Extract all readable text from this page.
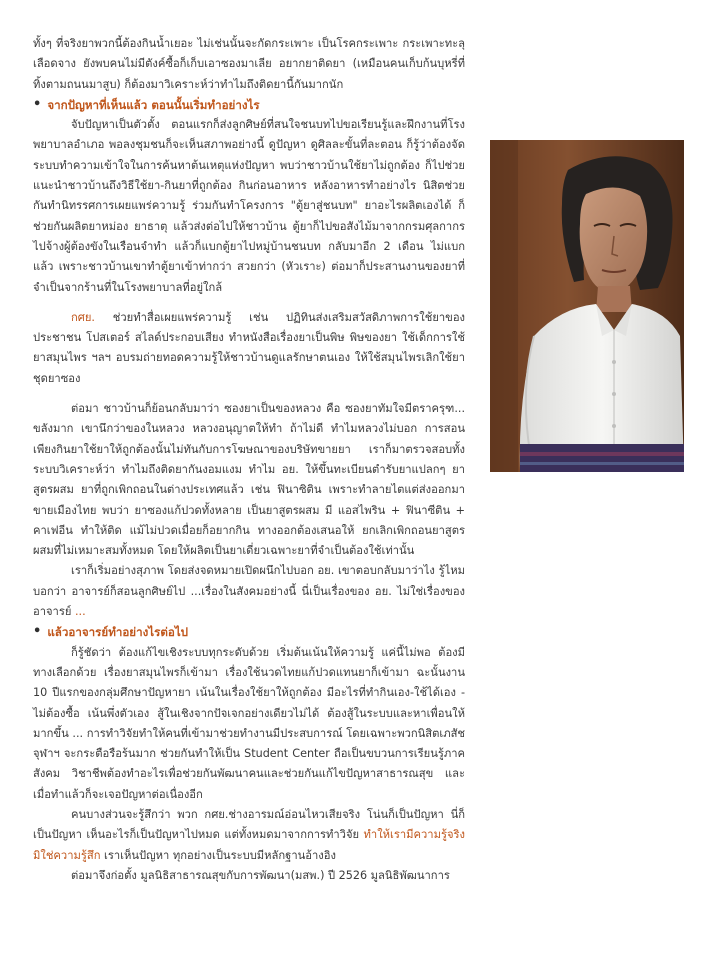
ทั้งๆ ที่จริงยาพวกนี้ต้องกินน้ำเยอะ ไม่เช่นนั้นจะกัดกระเพาะ เป็นโรคกระเพาะ กระเพาะทะลุ เลือดจาง ยังพบคนไม่มีตังค์ซื้อก็เก็บเอาซองมาเลีย อยากยาติดยา (เหมือนคนเก็บก้นบุหรี่ที่ทิ้งตามถนนมาสูบ) ก็ต้องมาวิเคราะห์ว่าทำไมถึงติดยานี้กันมากนัก

• จากปัญหาที่เห็นแล้ว ตอนนั้นเริ่มทำอย่างไร

จับปัญหาเป็นตัวตั้ง ตอนแรกก็ส่งลูกศิษย์ที่สนใจชนบทไปขอเรียนรู้และฝึกงานที่โรงพยาบาลอำเภอ พอลงชุมชนก็จะเห็นสภาพอย่างนี้ ดูปัญหา ดูศิลละขั้นที่ละตอน ก็รู้ว่าต้องจัดระบบทำความเข้าใจในการค้นหาต้นเหตุแห่งปัญหา พบว่าชาวบ้านใช้ยาไม่ถูกต้อง ก็ไปช่วยแนะนำชาวบ้านถึงวิธีใช้ยา-กินยาที่ถูกต้อง กินก่อนอาหาร หลังอาหารทำอย่างไร นิสิตช่วยกันทำนิทรรศการเผยแพร่ความรู้ ร่วมกันทำโครงการ "ตู้ยาสู่ชนบท" ยาอะไรผลิตเองได้ ก็ช่วยกันผลิตยาหม่อง ยาธาตุ แล้วส่งต่อไปให้ชาวบ้าน ตู้ยาก็ไปขอสังไม้มาจากกรมศุลกากร ไปจ้างผู้ต้องขังในเรือนจำทำ แล้วก็แบกตู้ยาไปหมู่บ้านชนบท กลับมาอีก 2 เดือน ไม่แบกแล้ว เพราะชาวบ้านเขาทำตู้ยาเข้าท่ากว่า สวยกว่า (หัวเราะ) ต่อมาก็ประสานงานของยาที่จำเป็นจากร้านที่ในโรงพยาบาลที่อยู่ใกล้

กศย. ช่วยทำสื่อเผยแพร่ความรู้ เช่น ปฏิทินส่งเสริมสวัสดิภาพการใช้ยาของประชาชน โปสเตอร์ สไลด์ประกอบเสียง ทำหนังสือเรื่องยาเป็นพิษ พิษของยา ใช้เด็กการใช้ยาสมุนไพร ฯลฯ อบรมถ่ายทอดความรู้ให้ชาวบ้านดูแลรักษาตนเอง ให้ใช้สมุนไพรเลิกใช้ยาชุดยาซอง

ต่อมา ชาวบ้านก็ย้อนกลับมาว่า ซองยาเป็นของหลวง คือ ซองยาทัมใจมีตราครุฑ... ขลังมาก เขานึกว่าของในหลวง หลวงอนุญาตให้ทำ ถ้าไม่ดี ทำไมหลวงไม่บอก การสอนเพียงกินยาใช้ยาให้ถูกต้องนั้นไม่ทันกับการโฆษณาของบริษัทขายยา เราก็มาตรวจสอบทั้งระบบวิเคราะห์ว่า ทำไมถึงติดยากันงอมแงม ทำไม อย. ให้ขึ้นทะเบียนตำรับยาแปลกๆ ยาสูตรผสม ยาที่ถูกเพิกถอนในต่างประเทศแล้ว เช่น ฟินาซิติน เพราะทำลายไตแต่ส่งออกมาขายเมืองไทย พบว่า ยาซองแก้ปวดทั้งหลาย เป็นยาสูตรผสม มี แอสไพริน + ฟินาซีติน + คาเฟอีน ทำให้ติด แม้ไม่ปวดเมื่อยก็อยากกิน ทางออกต้องเสนอให้ ยกเลิกเพิกถอนยาสูตรผสมที่ไม่เหมาะสมทั้งหมด โดยให้ผลิตเป็นยาเดี่ยวเฉพาะยาที่จำเป็นต้องใช้เท่านั้น

เราก็เริ่มอย่างสุภาพ โดยส่งจดหมายเปิดผนึกไปบอก อย. เขาตอบกลับมาว่าไง รู้ไหม บอกว่า อาจารย์ก็สอนลูกศิษย์ไป ...เรื่องในสังคมอย่างนี้ นี่เป็นเรื่องของ อย. ไม่ใช่เรื่องของอาจารย์ ...

• แล้วอาจารย์ทำอย่างไรต่อไป

ก็รู้ชัดว่า ต้องแก้ไขเชิงระบบทุกระดับด้วย เริ่มต้นเน้นให้ความรู้ แค่นี้ไม่พอ ต้องมีทางเลือกด้วย เรื่องยาสมุนไพรก็เข้ามา เรื่องใช้นวดไทยแก้ปวดแทนยาก็เข้ามา ฉะนั้นงาน 10 ปีแรกของกลุ่มศึกษาปัญหายา เน้นในเรื่องใช้ยาให้ถูกต้อง มีอะไรที่ทำกินเอง-ใช้ได้เอง - ไม่ต้องซื้อ เน้นพึ่งตัวเอง สู้ในเชิงจากปัจเจกอย่างเดียวไม่ได้ ต้องสู้ในระบบและหาเพื่อนให้มากขึ้น ... การทำวิจัยทำให้คนที่เข้ามาช่วยทำงานมีประสบการณ์ โดยเฉพาะพวกนิสิตเภสัชจุฬาฯ จะกระตือรือร้นมาก ช่วยกันทำให้เป็น Student Center ถือเป็นขบวนการเรียนรู้ภาคสังคม วิชาชีพต้องทำอะไรเพื่อช่วยกันพัฒนาคนและช่วยกันแก้ไขปัญหาสาธารณสุข และเมื่อทำแล้วก็จะเจอปัญหาต่อเนื่องอีก

คนบางส่วนจะรู้สึกว่า พวก กศย.ช่างอารมณ์อ่อนไหวเสียจริง โน่นก็เป็นปัญหา นี่ก็เป็นปัญหา เห็นอะไรก็เป็นปัญหาไปหมด แต่ทั้งหมดมาจากการทำวิจัย ทำให้เรามีความรู้จริง มิใช่ความรู้สึก เราเห็นปัญหา ทุกอย่างเป็นระบบมีหลักฐานอ้างอิง

ต่อมาจึงก่อตั้ง มูลนิธิสาธารณสุขกับการพัฒนา(มสพ.) ปี 2526 มูลนิธิพัฒนาการ
